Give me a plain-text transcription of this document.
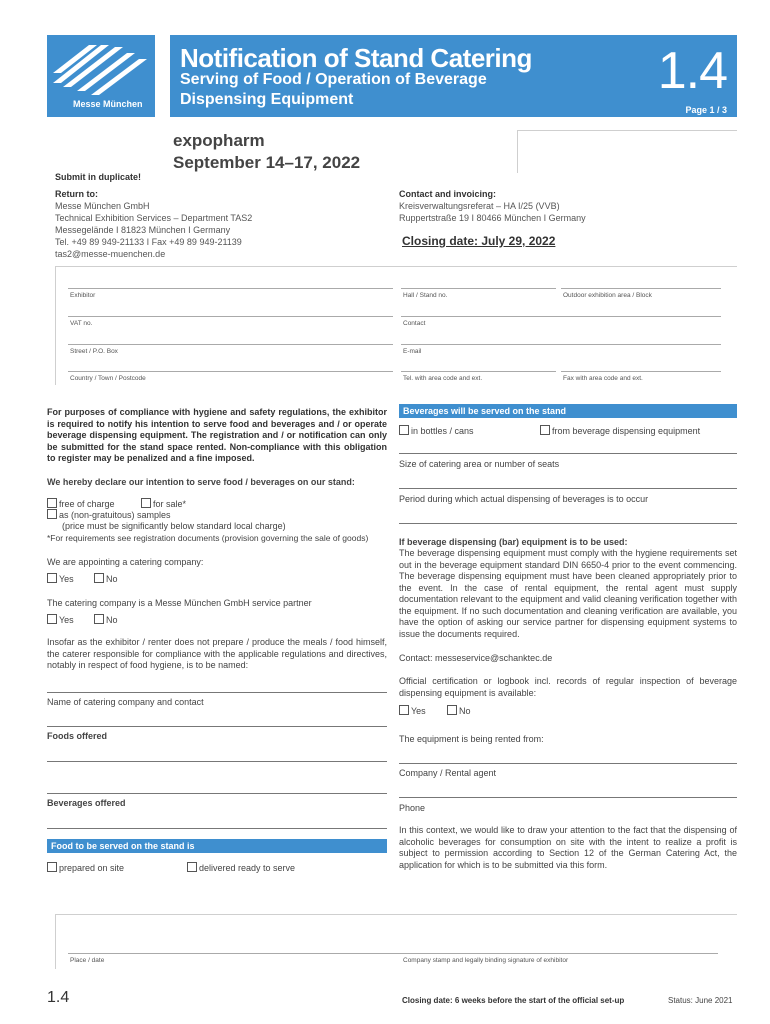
Messe München
Notification of Stand Catering
Serving of Food / Operation of Beverage
Dispensing Equipment	1.4
Page 1 / 3
expopharm
September 14–17, 2022
Submit in duplicate!
Return to:
Messe München GmbH
Technical Exhibition Services – Department TAS2
Messegelände I 81823 München I Germany
Tel. +49 89 949-21133 I Fax +49 89 949-21139
tas2@messe-muenchen.de
Contact and invoicing:
Kreisverwaltungsreferat – HA I/25 (VVB)
Ruppertstraße 19 I 80466 München I Germany
Closing date: July 29, 2022
Exhibitor	Hall / Stand no.	Outdoor exhibition area / Block
VAT no.	Contact
Street / P.O. Box	E-mail
Country / Town / Postcode	Tel. with area code and ext.	Fax with area code and ext.
For purposes of compliance with hygiene and safety regulations, the exhibitor is required to notify his intention to serve food and beverages and / or operate beverage dispensing equipment. The registration and / or notification can only be submitted for the stand space rented. Non-compliance with this obligation to register may be penalized and a fine imposed.
We hereby declare our intention to serve food / beverages on our stand:
free of charge	for sale*
as (non-gratuitous) samples
(price must be significantly below standard local charge)
*For requirements see registration documents (provision governing the sale of goods)
We are appointing a catering company:
Yes	No
The catering company is a Messe München GmbH service partner
Yes	No
Insofar as the exhibitor / renter does not prepare / produce the meals / food himself, the caterer responsible for compliance with the applicable regulations and directives, notably in respect of food hygiene, is to be named:
Name of catering company and contact
Foods offered
Beverages offered
Food to be served on the stand is
prepared on site	delivered ready to serve
Beverages will be served on the stand
in bottles / cans	from beverage dispensing equipment
Size of catering area or number of seats
Period during which actual dispensing of beverages is to occur
If beverage dispensing (bar) equipment is to be used:
The beverage dispensing equipment must comply with the hygiene requirements set out in the beverage equipment standard DIN 6650-4 prior to the event commencing. The beverage dispensing equipment must have been cleaned appropriately prior to the event. In the case of rental equipment, the rental agent must supply documentation relevant to the equipment and valid cleaning verification together with the equipment. If no such documentation and cleaning verification are available, you have the option of asking our service partner for dispensing equipment systems to issue the documents required.
Contact: messeservice@schanktec.de
Official certification or logbook incl. records of regular inspection of beverage dispensing equipment is available:
Yes	No
The equipment is being rented from:
Company / Rental agent
Phone
In this context, we would like to draw your attention to the fact that the dispensing of alcoholic beverages for consumption on site with the intent to realize a profit is subject to permission according to Section 12 of the German Catering Act, the application for which is to be submitted via this form.
Place / date	Company stamp and legally binding signature of exhibitor
1.4	Closing date: 6 weeks before the start of the official set-up	Status: June 2021
